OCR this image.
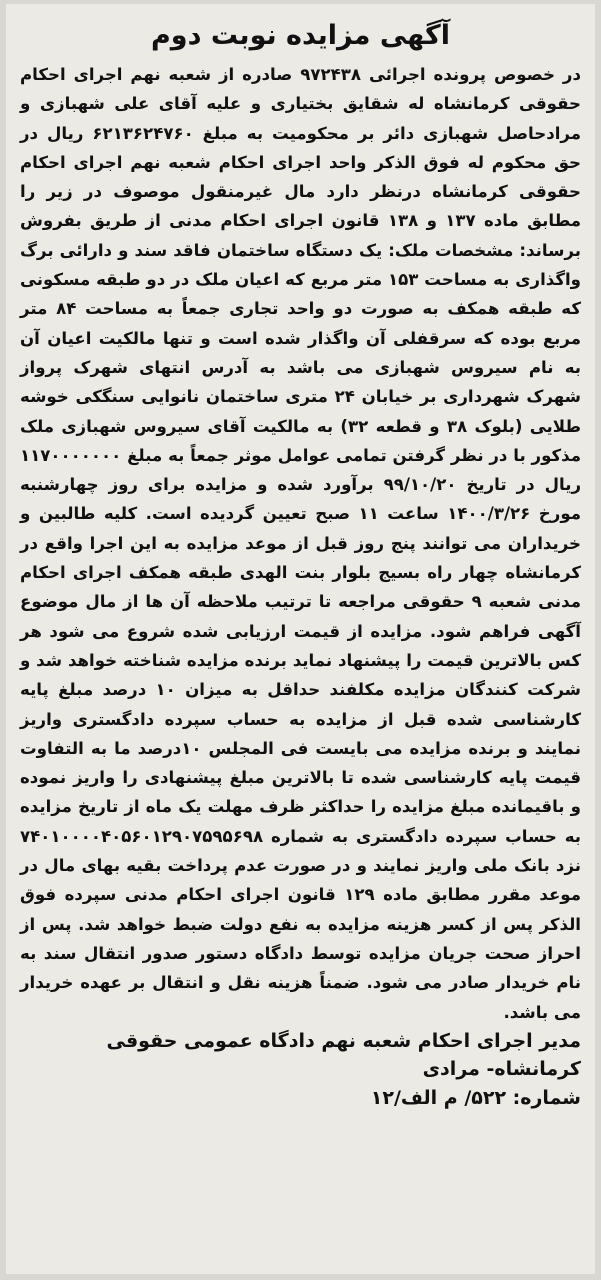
آگهی مزایده نوبت دوم
در خصوص پرونده اجرائی ۹۷۲۴۳۸ صادره از شعبه نهم اجرای احکام حقوقی کرمانشاه له شقایق بختیاری و علیه آقای علی شهبازی و مرادحاصل شهبازی دائر بر محکومیت به مبلغ ۶۲۱۳۶۲۴۷۶۰ ریال در حق محکوم له فوق الذکر واحد اجرای احکام شعبه نهم اجرای احکام حقوقی کرمانشاه درنظر دارد مال غیرمنقول موصوف در زیر را مطابق ماده ۱۳۷ و ۱۳۸ قانون اجرای احکام مدنی از طریق بفروش برساند: مشخصات ملک: یک دستگاه ساختمان فاقد سند و دارائی برگ واگذاری به مساحت ۱۵۳ متر مربع که اعیان ملک در دو طبقه مسکونی که طبقه همکف به صورت دو واحد تجاری جمعاً به مساحت ۸۴ متر مربع بوده که سرقفلی آن واگذار شده است و تنها مالکیت اعیان آن به نام سیروس شهبازی می باشد به آدرس انتهای شهرک پرواز شهرک شهرداری بر خیابان ۲۴ متری ساختمان نانوایی سنگکی خوشه طلایی (بلوک ۳۸ و قطعه ۳۲) به مالکیت آقای سیروس شهبازی ملک مذکور با در نظر گرفتن تمامی عوامل موثر جمعاً به مبلغ ۱۱۷۰۰۰۰۰۰۰ ریال در تاریخ ۹۹/۱۰/۲۰ برآورد شده و مزایده برای روز چهارشنبه مورخ ۱۴۰۰/۳/۲۶ ساعت ۱۱ صبح تعیین گردیده است. کلیه طالبین و خریداران می توانند پنج روز قبل از موعد مزایده به این اجرا واقع در کرمانشاه چهار راه بسیج بلوار بنت الهدی طبقه همکف اجرای احکام مدنی شعبه ۹ حقوقی مراجعه تا ترتیب ملاحظه آن ها از مال موضوع آگهی فراهم شود. مزایده از قیمت ارزیابی شده شروع می شود هر کس بالاترین قیمت را پیشنهاد نماید برنده مزایده شناخته خواهد شد و شرکت کنندگان مزایده مکلفند حداقل به میزان ۱۰ درصد مبلغ پایه کارشناسی شده قبل از مزایده به حساب سپرده دادگستری واریز نمایند و برنده مزایده می بایست فی المجلس ۱۰درصد ما به التفاوت قیمت پایه کارشناسی شده تا بالاترین مبلغ پیشنهادی را واریز نموده و باقیمانده مبلغ مزایده را حداکثر ظرف مهلت یک ماه از تاریخ مزایده به حساب سپرده دادگستری به شماره ۷۴۰۱۰۰۰۰۴۰۵۶۰۱۲۹۰۷۵۹۵۶۹۸ نزد بانک ملی واریز نمایند و در صورت عدم پرداخت بقیه بهای مال در موعد مقرر مطابق ماده ۱۲۹ قانون اجرای احکام مدنی سپرده فوق الذکر پس از کسر هزینه مزایده به نفع دولت ضبط خواهد شد. پس از احراز صحت جریان مزایده توسط دادگاه دستور صدور انتقال سند به نام خریدار صادر می شود. ضمناً هزینه نقل و انتقال بر عهده خریدار می باشد.
مدیر اجرای احکام شعبه نهم دادگاه عمومی حقوقی
کرمانشاه- مرادی
شماره: ۵۲۲/ م الف/۱۲
